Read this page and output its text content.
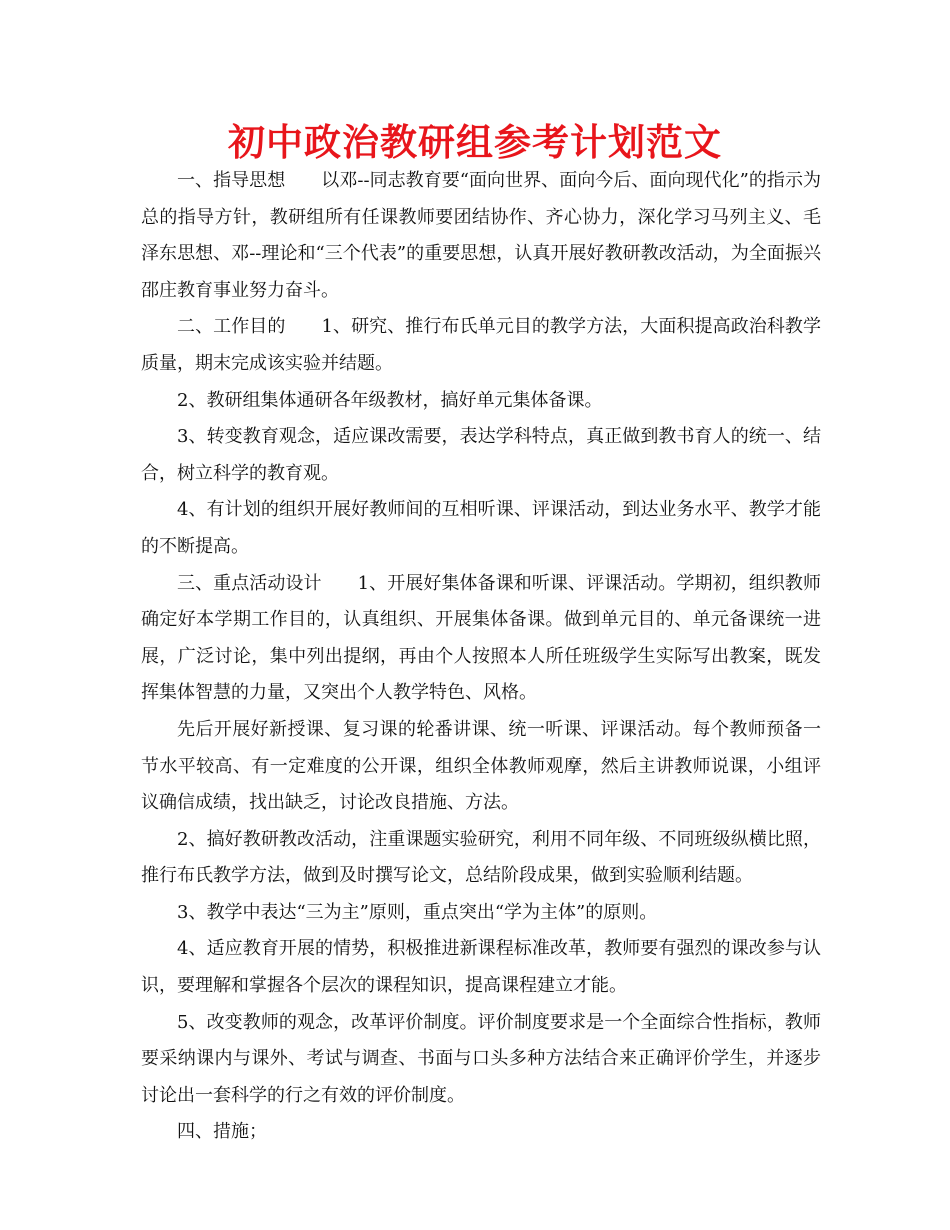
初中政治教研组参考计划范文

一、指导思想 以邓--同志教育要“面向世界、面向今后、面向现代化”的指示为总的指导方针，教研组所有任课教师要团结协作、齐心协力，深化学习马列主义、毛泽东思想、邓--理论和“三个代表”的重要思想，认真开展好教研教改活动，为全面振兴邵庄教育事业努力奋斗。

二、工作目的 1、研究、推行布氏单元目的教学方法，大面积提高政治科教学质量，期末完成该实验并结题。

2、教研组集体通研各年级教材，搞好单元集体备课。

3、转变教育观念，适应课改需要，表达学科特点，真正做到教书育人的统一、结合，树立科学的教育观。

4、有计划的组织开展好教师间的互相听课、评课活动，到达业务水平、教学才能的不断提高。

三、重点活动设计 1、开展好集体备课和听课、评课活动。学期初，组织教师确定好本学期工作目的，认真组织、开展集体备课。做到单元目的、单元备课统一进展，广泛讨论，集中列出提纲，再由个人按照本人所任班级学生实际写出教案，既发挥集体智慧的力量，又突出个人教学特色、风格。

先后开展好新授课、复习课的轮番讲课、统一听课、评课活动。每个教师预备一节水平较高、有一定难度的公开课，组织全体教师观摩，然后主讲教师说课，小组评议确信成绩，找出缺乏，讨论改良措施、方法。

2、搞好教研教改活动，注重课题实验研究，利用不同年级、不同班级纵横比照，推行布氏教学方法，做到及时撰写论文，总结阶段成果，做到实验顺利结题。

3、教学中表达“三为主”原则，重点突出“学为主体”的原则。

4、适应教育开展的情势，积极推进新课程标准改革，教师要有强烈的课改参与认识，要理解和掌握各个层次的课程知识，提高课程建立才能。

5、改变教师的观念，改革评价制度。评价制度要求是一个全面综合性指标，教师要采纳课内与课外、考试与调查、书面与口头多种方法结合来正确评价学生，并逐步讨论出一套科学的行之有效的评价制度。

四、措施；
